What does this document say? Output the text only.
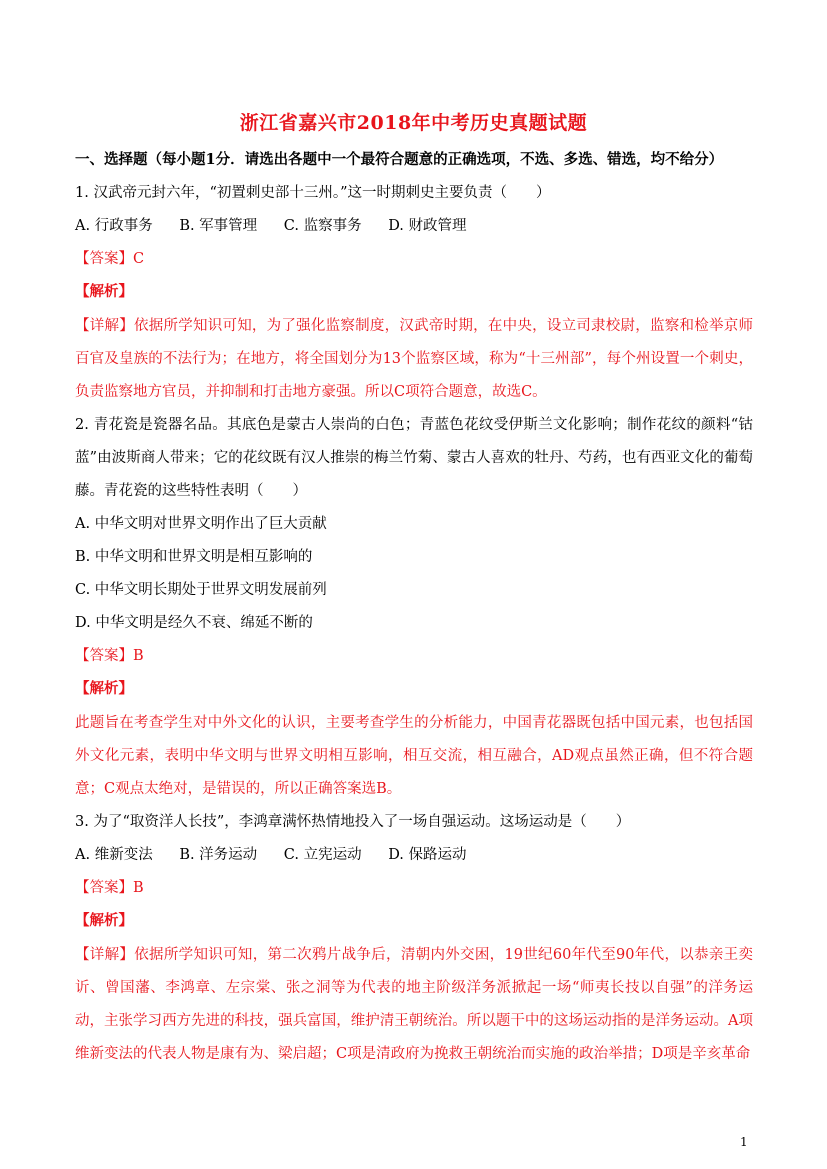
浙江省嘉兴市2018年中考历史真题试题
一、选择题（每小题1分．请选出各题中一个最符合题意的正确选项，不选、多选、错选，均不给分）
1. 汉武帝元封六年，“初置刺史部十三州。”这一时期刺史主要负责（　　）
A. 行政事务 B. 军事管理 C. 监察事务 D. 财政管理
【答案】C
【解析】
【详解】依据所学知识可知，为了强化监察制度，汉武帝时期，在中央，设立司隶校尉，监察和检举京师百官及皇族的不法行为；在地方，将全国划分为13个监察区域，称为“十三州部”，每个州设置一个刺史，负责监察地方官员，并抑制和打击地方豪强。所以C项符合题意，故选C。
2. 青花瓷是瓷器名品。其底色是蒙古人崇尚的白色；青蓝色花纹受伊斯兰文化影响；制作花纹的颜料“钴蓝”由波斯商人带来；它的花纹既有汉人推崇的梅兰竹菊、蒙古人喜欢的牡丹、芍药，也有西亚文化的葡萄藤。青花瓷的这些特性表明（　　）
A. 中华文明对世界文明作出了巨大贡献
B. 中华文明和世界文明是相互影响的
C. 中华文明长期处于世界文明发展前列
D. 中华文明是经久不衰、绵延不断的
【答案】B
【解析】
此题旨在考查学生对中外文化的认识，主要考查学生的分析能力，中国青花器既包括中国元素，也包括国外文化元素，表明中华文明与世界文明相互影响，相互交流，相互融合，AD观点虽然正确，但不符合题意；C观点太绝对，是错误的，所以正确答案选B。
3. 为了“取资洋人长技”，李鸿章满怀热情地投入了一场自强运动。这场运动是（　　）
A. 维新变法 B. 洋务运动 C. 立宪运动 D. 保路运动
【答案】B
【解析】
【详解】依据所学知识可知，第二次鸦片战争后，清朝内外交困，19世纪60年代至90年代，以恭亲王奕䜣、曾国藩、李鸿章、左宗棠、张之洞等为代表的地主阶级洋务派掀起一场“师夷长技以自强”的洋务运动，主张学习西方先进的科技，强兵富国，维护清王朝统治。所以题干中的这场运动指的是洋务运动。A项维新变法的代表人物是康有为、梁启超；C项是清政府为挽救王朝统治而实施的政治举措；D项是辛亥革命
1
